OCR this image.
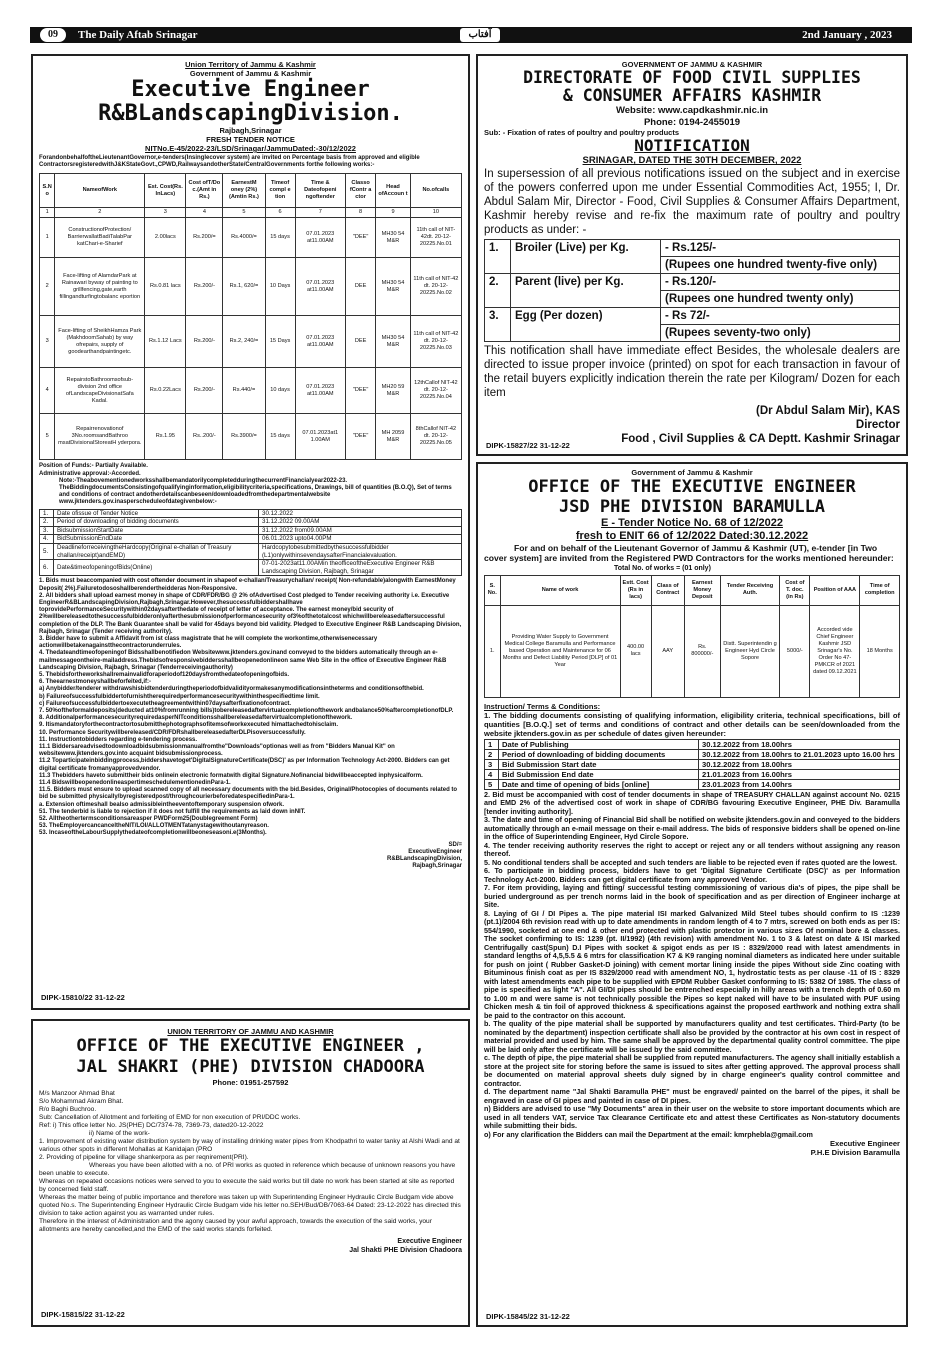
09	The Daily Aftab Srinagar	آفتاب	2nd January , 2023
Union Territory of Jammu & Kashmir
Government of Jammu & Kashmir
Executive Engineer
R&BLandscapingDivision.
Rajbagh,Srinagar
FRESH TENDER NOTICE
NITNo.E-45/2022-23/LSD/Srinagar/JammuDated:-30/12/2022
ForandonbehalfoftheLieutenantGovernor,e-tenders(Insinglecover system) are invited on Percentage basis from approved and eligible ContractorsregisteredwithJ&KStateGovt.,CPWD,RailwaysandotherState/CentralGovernments forthe following works:-
S.N o	NameofWork	Est. Cost(Rs. InLacs)	Cost ofT/Do c.(Amt in Rs.)	EarnestM oney (2%)(Amtin Rs.)	Timeof compl e tion	Time & Dateofopeni ngoftender	Classo fContr a ctor	Head ofAccoun t	No.ofcalls
1	2	3	4	5	6	7	8	9	10
1	ConstructionofProtection/ BarrierwallatBadiTalabPar katChari-e-Sharief	2.00lacs	Rs.200/=	Rs.4000/=	15 days	07.01.2023 at11.00AM	"DEE"	MH30 54 M&R	11th call of NIT-42dt. 20-12-20225.No.01
2	Face-lifting of AlamdarPark at Rainawari byway of painting to grillfencing,gate,earth fillingandturfingtobalanc eportion	Rs.0.81 lacs	Rs.200/-	Rs.1, 620/=	10 Days	07.01.2023 at11.00AM	DEE	MH30 54 M&R	11th call of NIT-42 dt. 20-12-20225.No.02
3	Face-lifting of SheikhHamza Park (MakhdoomSahab) by way ofrepairs, supply of goodearthandpaintingetc.	Rs.1.12 Lacs	Rs.200/-	Rs.2, 240/=	15 Days	07.01.2023 at11.00AM	DEE	MH30 54 M&R	11th call of NIT-42 dt. 20-12-20225.No.03
4	RepairstoBathroomsofsub- division 2nd office ofLandscapeDivisionatSafa Kadal.	Rs.0.22Lacs	Rs.200/-	Rs.440/=	10 days	07.01.2023 at11.00AM	"DEE"	MH20 59 M&R	12thCallof NIT-42 dt. 20-12-20225.No.04
5	Repairrenovationof 3No.roomsandBathroo msatDivisionalStoreatH yderpora.	Rs.1.95	Rs..200/-	Rs.3900/=	15 days	07.01.2023at1 1.00AM	"DEE"	MH 2059 M&R	8thCallof NIT-42 dt. 20-12-20225.No.05
Position of Funds:- Partially Available.
Administrative approval:-Accorded.
Note:-TheabovementionedworksshallbemandatorilycompletedduringthecurrentFinancialyear2022-23.
TheBiddingdocumentsConsistingofqualifyinginformation,eligibilitycriteria,specifications, Drawings, bill of quantities (B.O.Q), Set of terms and conditions of contract andotherdetailscanbeseen/downloadedfromthedepartmentalwebsite www.jktenders.gov.inasperscheduleofdategivenbelow:-
1.	Date ofissue of Tender Notice	30.12.2022
2.	Period of downloading of bidding documents	31.12.2022 09.00AM
3.	BidsubmissionStartDate	31.12.2022 from09.00AM
4.	BidSubmissionEndDate	06.01.2023 upto04.00PM
5.	DeadlineforreceivingtheHardcopy(Original e-challan of Treasury challan/receipt)andEMD)	Hardcopytobesubmittedbythesuccessfulbidder (L1)onlywithinsevendaysafterFinancialevaluation.
6.	Date&timeofopeningofBids(Online)	07-01-2023at11.00AMin theofficeoftheExecutive Engineer R&B Landscaping Division, Rajbagh, Srinagar
1. Bids must beaccompanied with cost oftender document in shapeof e-challan/Treasurychallan/ receipt( Non-refundable)alongwith EarnestMoney Deposit( 2%).Failuretodososhallberendertheidderas Non-Responsive.
2. All bidders shall upload earnest money in shape of CDR/FDR/BG @ 2% ofAdvertised Cost pledged to Tender receiving authority i.e. Executive EngineerR&BLandscapingDivision,Rajbagh,Srinagar.However,thesuccessfulbiddershallhave toprovidePerformanceSecuritywithin02daysafterthedate of receipt of letter of acceptance. The earnest money/bid security of 2%willbereleasedtothesuccessfulbidderonlyafterthesubmissionofperformancesecurity of3%ofthetotalcost whichwillbereleasedaftersuccessful completion of the DLP. The Bank Guarantee shall be valid for 45days beyond bid validity. Pledged to Executive Engineer R&B Landscaping Division, Rajbagh, Srinagar (Tender receiving authority).
3. Bidder have to submit a Affidavit from ist class magistrate that he will complete the workontime,otherwisenecessary actionwillbetakenagainstthecontractorunderrules.
4. Thedateandtimeofopeningof Bidsshallbenotifiedon Websitewww.jktenders.gov.inand conveyed to the bidders automatically through an e-mailmessageontheire-mailaddress.Thebidsofresponsivebiddersshallbeopenedonlineon same Web Site in the office of Executive Engineer R&B Landscaping Division, Rajbagh, Srinagar (Tenderreceivingauthority)
5. Thebidsfortheworkshallremainvalidforaperiodof120daysfromthedateofopeningofbids.
6. Theearnestmoneyshallbeforfeited,if:-
a) Anybidder/tenderer withdrawshisbidtenderduringtheperiodofbidvalidityormakesanymodificationsintheterms and conditionsofthebid.
b) Failureofsuccessfulbiddertofurnishtherequiredperformancesecuritywithinthespecifiedtime limit.
c) Failureofsuccessfulbiddertoexecutetheagreementwithin07daysafterfixationofcontract.
7. 50%oftheformaldeposits(deducted at10%fromrunning bills)tobereleasedaftervirtualcompletionofthework andbalance50%aftercompletionofDLP.
8. AdditionalperformancesecurityrequiredasperNITconditionsshallbereleasedaftervirtualcompletionofthework.
9. Itismandatoryforthecontractortosubmitthephotographsofitemsofworkexecuted himattachedtohisclaim.
10. Performance Securitywillbereleased/CDR/FDRshallbereleasedafterDLPisoversuccessfully.
11. Instructiontobidders regarding e-tendering process.
11.1 Biddersareadvisedtodownloadbidsubmissionmanualfromthe"Downloads"optionas well as from "Bidders Manual Kit" on websitewww.jktenders.gov.into acquaint bidsubmissionprocess.
11.2 Toparticipateinbiddingprocess,biddershavetoget'DigitalSignatureCertificate(DSC)' as per Information Technology Act-2000. Bidders can get digital certificate fromanyapprovedvendor.
11.3 Thebidders haveto submittheir bids onlinein electronic formatwith digital Signature.Nofinancial bidwillbeaccepted inphysicalform.
11.4 BidswillbeopenedonlineaspertimeschedulementionedinPara-1.
11.5. Bidders must ensure to upload scanned copy of all necessary documents with the bid.Besides, Original/Photocopies of documents related to bid be submitted physically/byregisteredpost/throughcourierbeforedatespecifiedinPara-1.
a. Extension oftimeshall bealso admissibleintheeventoftemporary suspension ofwork.
51. The tenderbid is liable to rejection if it does not fulfill the requirements as laid down inNIT.
52. Alltheothertermsconditionsareasper PWDForm25(Doublegreement Form)
53. TheEmployercancanceltheNIT/LOI/ALLOTMENTatanystagewithoutanyreason.
53. IncaseoftheLabourSupplythedateofcompletionwillbeoneseasoni.e(3Months).
SD/=
ExecutiveEngineer
R&BLandscapingDivision,
Rajbagh,Srinagar
DIPK-15810/22 31-12-22
UNION TERRITORY OF JAMMU AND KASHMIR
OFFICE OF THE EXECUTIVE ENGINEER ,
JAL SHAKRI (PHE) DIVISION CHADOORA
Phone: 01951-257592
M/s Manzoor Ahmad Bhat
S/o Mohammad Akram Bhat.
R/o Baghi Buchroo.
Sub: Cancellation of Allotment and forfeiting of EMD for non execution of PRI/DDC works.
Ref: i) This office letter No. JS(PHE) DC/7374-78, 7369-73, dated20-12-2022
ii) Name of the work-
1. Improvement of existing water distribution system by way of installing drinking water pipes from Khodpathri to water tanky at Alshi Wadi and at various other spots in different Mohallas at Kanidajan (PRO
2. Providing of pipeline for village shankerpora as per reqnirement(PRI).
Whereas you have been allotted with a no. of PRI works as quoted in reference which because of unknown reasons you have been unable to execute.
Whereas on repeated occasions notices were served to you to execute the said works but till date no work has been started at site as reported by concerned field staff.
Whereas the matter being of public importance and therefore was taken up with Superintending Engineer Hydraulic Circle Budgam vide above quoted No.s. The Superintending Engineer Hydraulic Circle Budgam vide his letter no.SEH/Bud/DB/7063-64 Dated: 23-12-2022 has directed this division to take action against you as warranted under rules.
Therefore in the interest of Administration and the agony caused by your awful approach, towards the execution of the said works, your allotments are hereby cancelled,and the EMD of the said works stands forfeited.
Executive Engineer
Jal Shakti PHE Division Chadoora
DIPK-15815/22 31-12-22
GOVERNMENT OF JAMMU & KASHMIR
DIRECTORATE OF FOOD CIVIL SUPPLIES
& CONSUMER AFFAIRS KASHMIR
Website: www.capdkashmir.nic.in
Phone: 0194-2455019
Sub: - Fixation of rates of poultry and poultry products
NOTIFICATION
SRINAGAR, DATED THE 30TH DECEMBER, 2022
In supersession of all previous notifications issued on the subject and in exercise of the powers conferred upon me under Essential Commodities Act, 1955; I, Dr. Abdul Salam Mir, Director - Food, Civil Supplies & Consumer Affairs Department, Kashmir hereby revise and re-fix the maximum rate of poultry and poultry products as under: -
1.	Broiler (Live) per Kg.	- Rs.125/-
		(Rupees one hundred twenty-five only)
2.	Parent (live) per Kg.	- Rs.120/-
		(Rupees one hundred twenty only)
3.	Egg (Per dozen)	- Rs 72/-
		(Rupees seventy-two only)
This notification shall have immediate effect Besides, the wholesale dealers are directed to issue proper invoice (printed) on spot for each transaction in favour of the retail buyers explicitly indication therein the rate per Kilogram/ Dozen for each item
(Dr Abdul Salam Mir), KAS
Director
Food , Civil Supplies & CA Deptt. Kashmir Srinagar
DIPK-15827/22 31-12-22
Government of Jammu & Kashmir
OFFICE OF THE EXECUTIVE ENGINEER
JSD PHE DIVISION BARAMULLA
E - Tender Notice No. 68 of 12/2022
fresh to ENIT 66 of 12/2022 Dated:30.12.2022
For and on behalf of the Lieutenant Governor of Jammu & Kashmir (UT), e-tender [in Two cover system] are invited from the Registered PWD Contractors for the works mentioned hereunder:
Total No. of works = (01 only)
S. No.	Name of work	Estt. Cost (Rs in lacs)	Class of Contract	Earnest Money Deposit	Tender Receiving Auth.	Cost of T. doc. (in Rs)	Position of AAA	Time of completion
1.	Providing Water Supply to Government Medical College Baramulla and Performance based Operation and Maintenance for 06 Months and Defect Liability Period [DLP] of 01 Year	400.00 lacs	AAY	Rs. 800000/-	Distt. Superintendin g Engineer Hyd Circle Sopore	5000/-	Accorded vide Chief Engineer Kashmir JSD Srinagar's No. Order No 47-PMKCR of 2021 dated 09.12.2021	18 Months
Instruction/ Terms & Conditions:
1. The bidding documents consisting of qualifying information, eligibility criteria, technical specifications, bill of quantities [B.O.Q.] set of terms and conditions of contract and other details can be seen/downloaded from the website jktenders.gov.in as per schedule of dates given hereunder:
1	Date of Publishing	30.12.2022 from 18.00hrs
2	Period of downloading of bidding documents	30.12.2022 from 18.00hrs to 21.01.2023 upto 16.00 hrs
3	Bid Submission Start date	30.12.2022 from 18.00hrs
4	Bid Submission End date	21.01.2023 from 16.00hrs
5	Date and time of opening of bids [online]	23.01.2023 from 14.00hrs
2. Bid must be accompanied with cost of tender documents in shape of TREASURY CHALLAN against account No. 0215 and EMD 2% of the advertised cost of work in shape of CDR/BG favouring Executive Engineer, PHE Div. Baramulla [tender inviting authority].
3. The date and time of opening of Financial Bid shall be notified on website jktenders.gov.in and conveyed to the bidders automatically through an e-mail message on their e-mail address. The bids of responsive bidders shall be opened on-line in the office of Superintending Engineer, Hyd Circle Sopore.
4. The tender receiving authority reserves the right to accept or reject any or all tenders without assigning any reason thereof.
5. No conditional tenders shall be accepted and such tenders are liable to be rejected even if rates quoted are the lowest.
6. To participate in bidding process, bidders have to get 'Digital Signature Certificate (DSC)' as per Information Technology Act-2000. Bidders can get digital certificate from any approved Vendor.
7. For item providing, laying and fitting/ successful testing commissioning of various dia's of pipes, the pipe shall be buried underground as per trench norms laid in the book of specification and as per direction of Engineer incharge at Site.
8. Laying of GI / DI Pipes a. The pipe material ISI marked Galvanized Mild Steel tubes should confirm to IS :1239 (pt.1)/2004 6th revision read with up to date amendments in random length of 4 to 7 mtrs, screwed on both ends as per IS: 554/1990, socketed at one end & other end protected with plastic protector in various sizes Of nominal bore & classes. The socket confirming to IS: 1239 (pt. II/1992) (4th revision) with amendment No. 1 to 3 & latest on date & ISI marked Centrifugally cast(Spun) D.I Pipes with socket & spigot ends as per IS : 8329/2000 read with latest amendments in standard lengths of 4,5,5.5 & 6 mtrs for classification K7 & K9 ranging nominal diameters as indicated here under suitable for push on joint ( Rubber Gasket-D joining) with cement mortar lining inside the pipes Without side Zinc coating with Bituminous finish coat as per IS 8329/2000 read with amendment NO, 1, hydrostatic tests as per clause -11 of IS : 8329 with latest amendments each pipe to be supplied with EPDM Rubber Gasket conforming to IS: 5382 Of 1985. The class of pipe is specified as light "A". All GI/DI pipes should be entrenched especially in hilly areas with a trench depth of 0.60 m to 1.00 m and were same is not technically possible the Pipes so kept naked will have to be insulated with PUF using Chicken mesh & tin foil of approved thickness & specifications against the proposed earthwork and nothing extra shall be paid to the contractor on this account.
b. The quality of the pipe material shall be supported by manufacturers quality and test certificates. Third-Party (to be nominated by the department) inspection certificate shall also be provided by the contractor at his own cost in respect of material provided and used by him. The same shall be approved by the departmental quality control committee. The pipe will be laid only after the certificate will be issued by the said committee.
c. The depth of pipe, the pipe material shall be supplied from reputed manufacturers. The agency shall initially establish a store at the project site for storing before the same is issued to sites after getting approved. The approval process shall be documented on material approval sheets duly signed by in charge engineer's quality control committee and contractor.
d. The department name "Jal Shakti Baramulla PHE" must be engraved/ painted on the barrel of the pipes, it shall be engraved in case of GI pipes and painted in case of DI pipes.
n) Bidders are advised to use "My Documents" area in their user on the website to store important documents which are used in all tenders VAT, service Tax Clearance Certificate etc and attest these Certificates as Non-statutory documents while submitting their bids.
o) For any clarification the Bidders can mail the Department at the email: kmrphebla@gmail.com
Executive Engineer
P.H.E Division Baramulla
DIPK-15845/22 31-12-22
